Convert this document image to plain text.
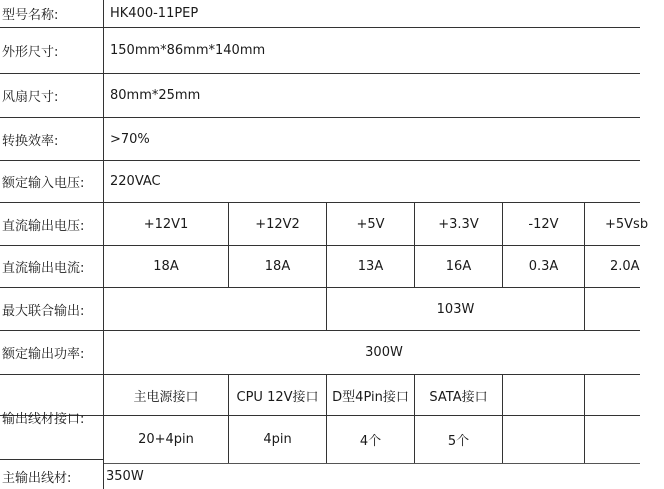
型号名称:	HK400-11PEP
外形尺寸:	150mm*86mm*140mm
风扇尺寸:	80mm*25mm
转换效率:	>70%
额定输入电压:	220VAC
直流输出电压:	+12V1	+12V2	+5V	+3.3V	-12V	+5Vsb
直流输出电流:	18A	18A	13A	16A	0.3A	2.0A
最大联合输出:	103W
额定输出功率:	300W
输出线材接口:
主电源接口	CPU 12V接口	D型4Pin接口	SATA接口
20+4pin	4pin	4个	5个
主输出线材:	350W
